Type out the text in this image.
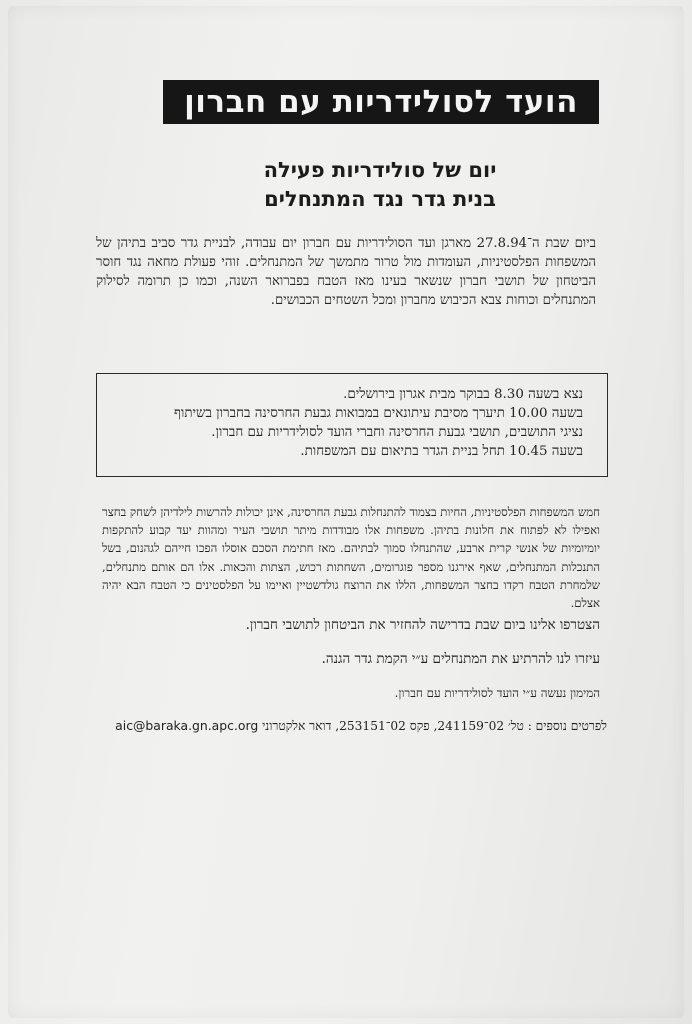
הועד לסולידריות עם חברון
יום של סולידריות פעילה
בנית גדר נגד המתנחלים
ביום שבת ה־27.8.94 מארגן ועד הסולידריות עם חברון יום עבודה, לבניית גדר סביב בתיהן של המשפחות הפלסטיניות, העומדות מול טרור מתמשך של המתנחלים. זוהי פעולת מחאה נגד חוסר הביטחון של תושבי חברון שנשאר בעינו מאז הטבח בפברואר השנה, וכמו כן תרומה לסילוק המתנחלים וכוחות צבא הכיבוש מחברון ומכל השטחים הכבושים.
נצא בשעה 8.30 בבוקר מבית אגרון בירושלים.
בשעה 10.00 תיערך מסיבת עיתונאים במבואות גבעת החרסינה בחברון בשיתוף
נציגי התושבים, תושבי גבעת החרסינה וחברי הועד לסולידריות עם חברון.
בשעה 10.45 תחל בניית הגדר בתיאום עם המשפחות.
חמש המשפחות הפלסטיניות, החיות בצמוד להתנחלות גבעת החרסינה, אינן יכולות להרשות לילדיהן לשחק בחצר ואפילו לא לפתוח את חלונות בתיהן. משפחות אלו מבודדות מיתר תושבי העיר ומהוות יעד קבוע להתקפות יומיומיות של אנשי קרית ארבע, שהתנחלו סמוך לבתיהם. מאז חתימת הסכם אוסלו הפכו חייהם לגהנום, בשל התנכלות המתנחלים, שאף אירגנו מספר פוגרומים, השחתות רכוש, הצתות והכאות. אלו הם אותם מתנחלים, שלמחרת הטבח רקדו בחצר המשפחות, הללו את הרוצח גולדשטיין ואיימו על הפלסטינים כי הטבח הבא יהיה אצלם.
הצטרפו אלינו ביום שבת בדרישה להחזיר את הביטחון לתושבי חברון.
עיזרו לנו להרתיע את המתנחלים ע״י הקמת גדר הגנה.
המימון נעשה ע״י הועד לסולידריות עם חברון.
לפרטים נוספים : טל׳ 02־241159, פקס 02־253151, דואר אלקטרוני aic@baraka.gn.apc.org
